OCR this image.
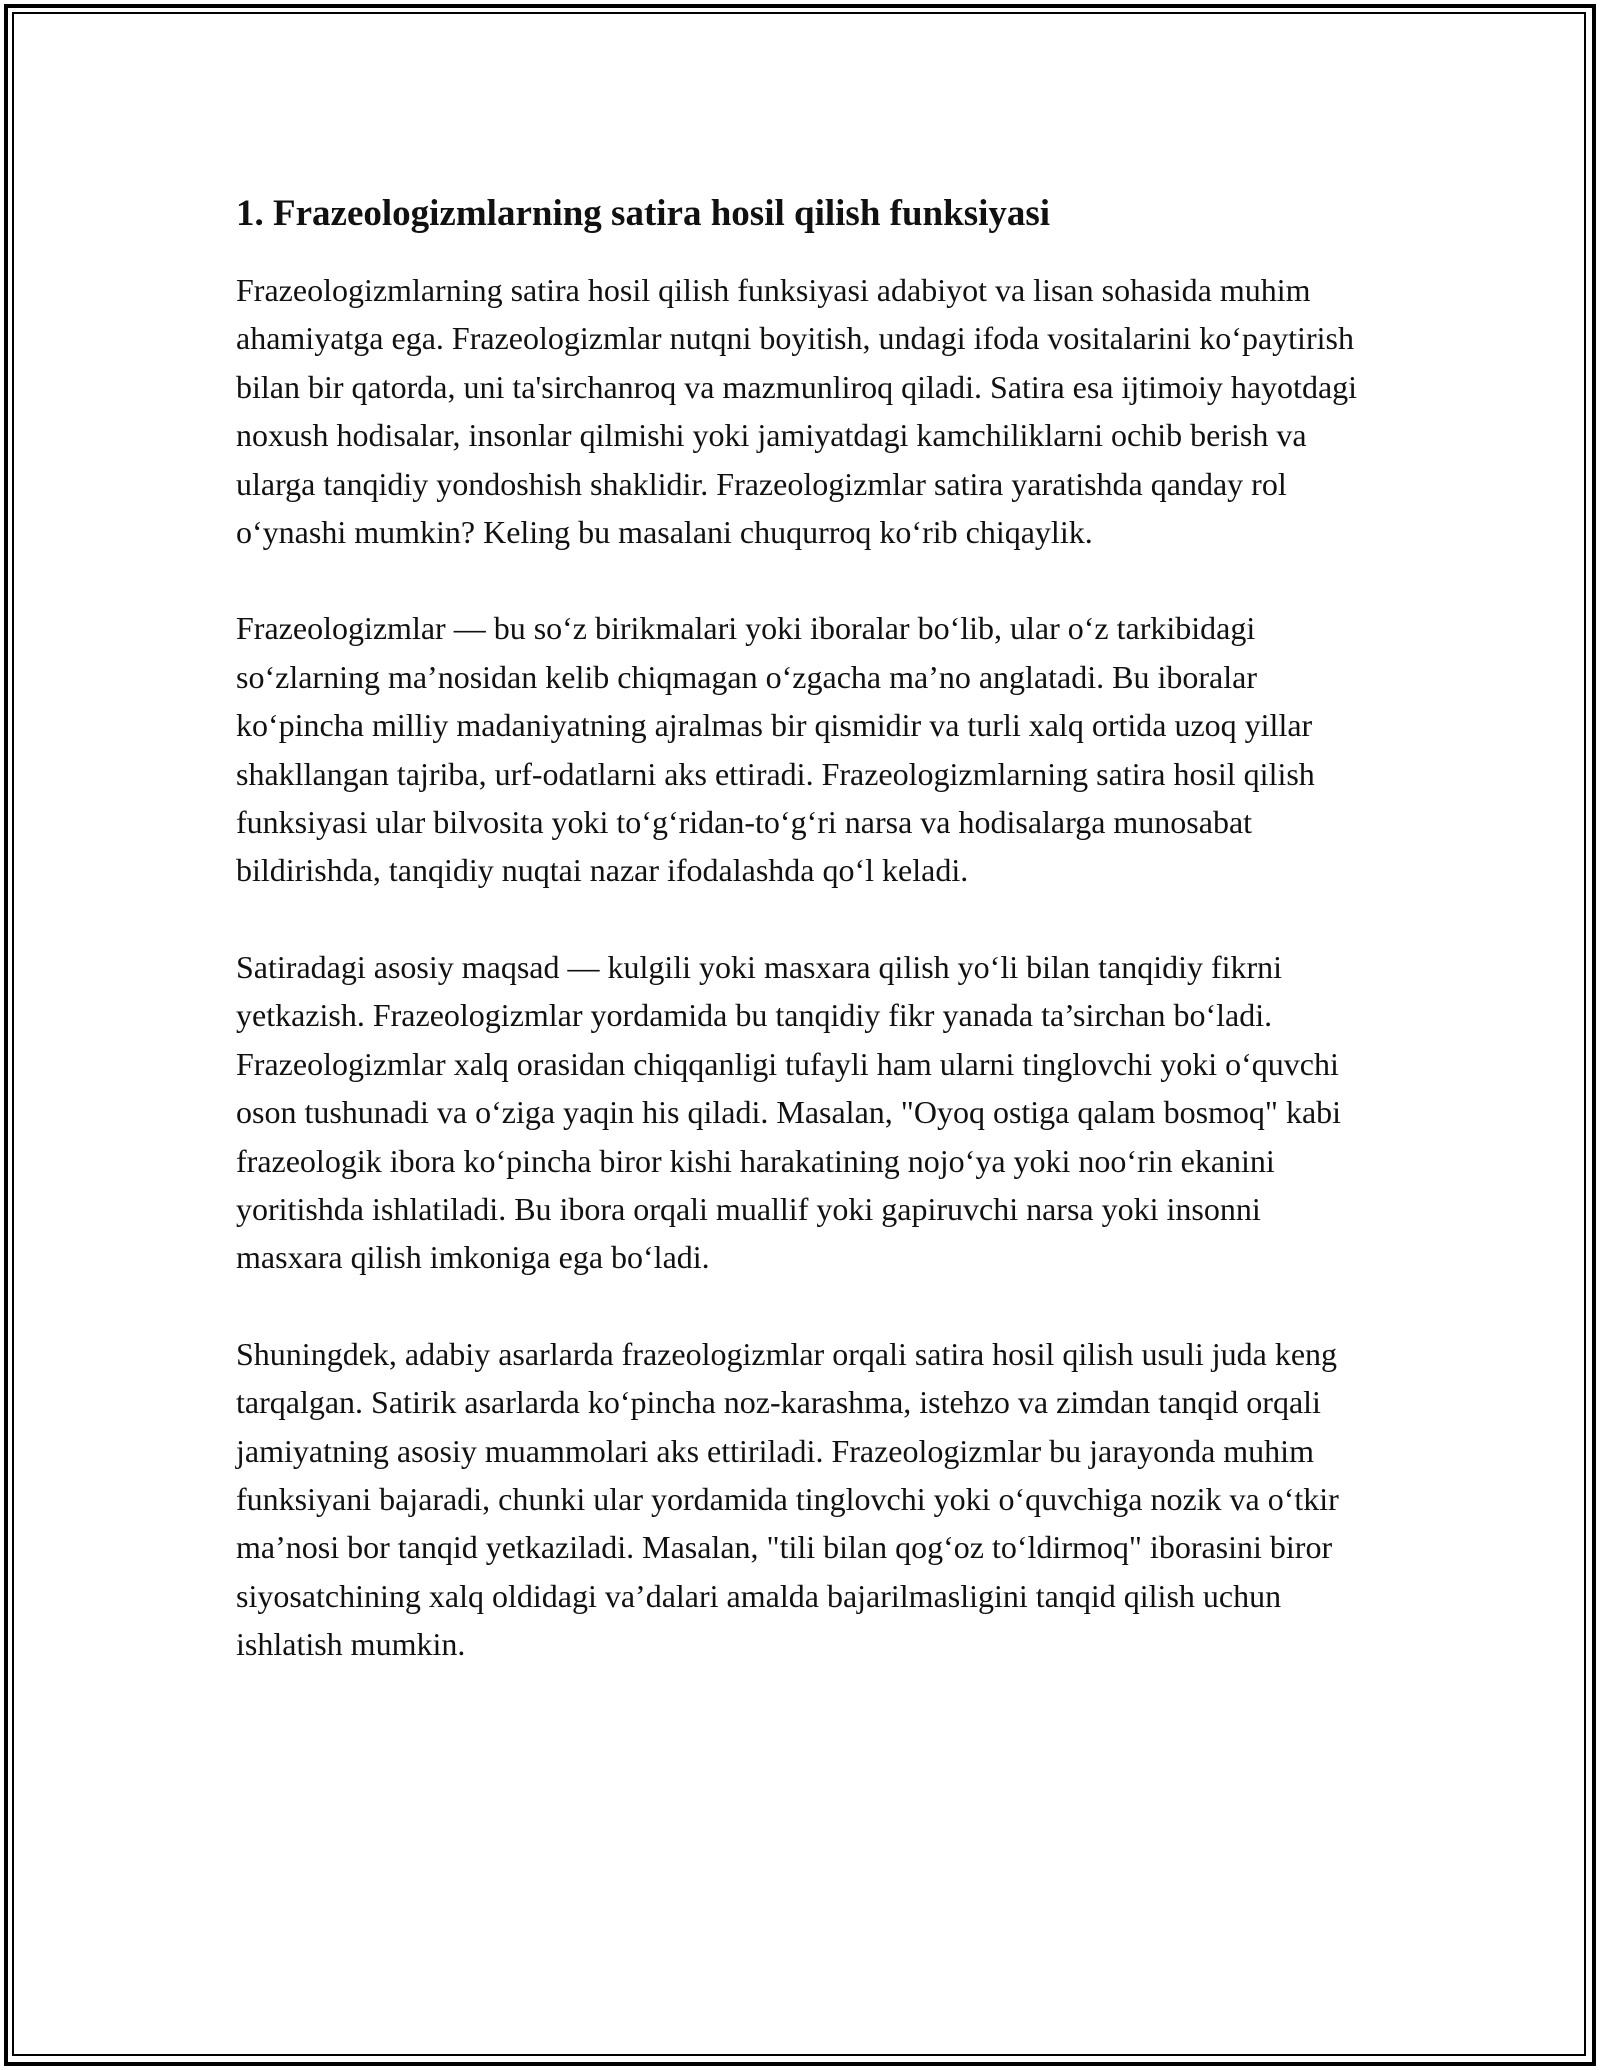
1. Frazeologizmlarning satira hosil qilish funksiyasi

Frazeologizmlarning satira hosil qilish funksiyasi adabiyot va lisan sohasida muhim ahamiyatga ega. Frazeologizmlar nutqni boyitish, undagi ifoda vositalarini ko‘paytirish bilan bir qatorda, uni ta'sirchanroq va mazmunliroq qiladi. Satira esa ijtimoiy hayotdagi noxush hodisalar, insonlar qilmishi yoki jamiyatdagi kamchiliklarni ochib berish va ularga tanqidiy yondoshish shaklidir. Frazeologizmlar satira yaratishda qanday rol o‘ynashi mumkin? Keling bu masalani chuqurroq ko‘rib chiqaylik.

Frazeologizmlar — bu so‘z birikmalari yoki iboralar bo‘lib, ular o‘z tarkibidagi so‘zlarning ma’nosidan kelib chiqmagan o‘zgacha ma’no anglatadi. Bu iboralar ko‘pincha milliy madaniyatning ajralmas bir qismidir va turli xalq ortida uzoq yillar shakllangan tajriba, urf-odatlarni aks ettiradi. Frazeologizmlarning satira hosil qilish funksiyasi ular bilvosita yoki to‘g‘ridan-to‘g‘ri narsa va hodisalarga munosabat bildirishda, tanqidiy nuqtai nazar ifodalashda qo‘l keladi.

Satiradagi asosiy maqsad — kulgili yoki masxara qilish yo‘li bilan tanqidiy fikrni yetkazish. Frazeologizmlar yordamida bu tanqidiy fikr yanada ta’sirchan bo‘ladi. Frazeologizmlar xalq orasidan chiqqanligi tufayli ham ularni tinglovchi yoki o‘quvchi oson tushunadi va o‘ziga yaqin his qiladi. Masalan, "Oyoq ostiga qalam bosmoq" kabi frazeologik ibora ko‘pincha biror kishi harakatining nojo‘ya yoki noo‘rin ekanini yoritishda ishlatiladi. Bu ibora orqali muallif yoki gapiruvchi narsa yoki insonni masxara qilish imkoniga ega bo‘ladi.

Shuningdek, adabiy asarlarda frazeologizmlar orqali satira hosil qilish usuli juda keng tarqalgan. Satirik asarlarda ko‘pincha noz-karashma, istehzo va zimdan tanqid orqali jamiyatning asosiy muammolari aks ettiriladi. Frazeologizmlar bu jarayonda muhim funksiyani bajaradi, chunki ular yordamida tinglovchi yoki o‘quvchiga nozik va o‘tkir ma’nosi bor tanqid yetkaziladi. Masalan, "tili bilan qog‘oz to‘ldirmoq" iborasini biror siyosatchining xalq oldidagi va’dalari amalda bajarilmasligini tanqid qilish uchun ishlatish mumkin.
